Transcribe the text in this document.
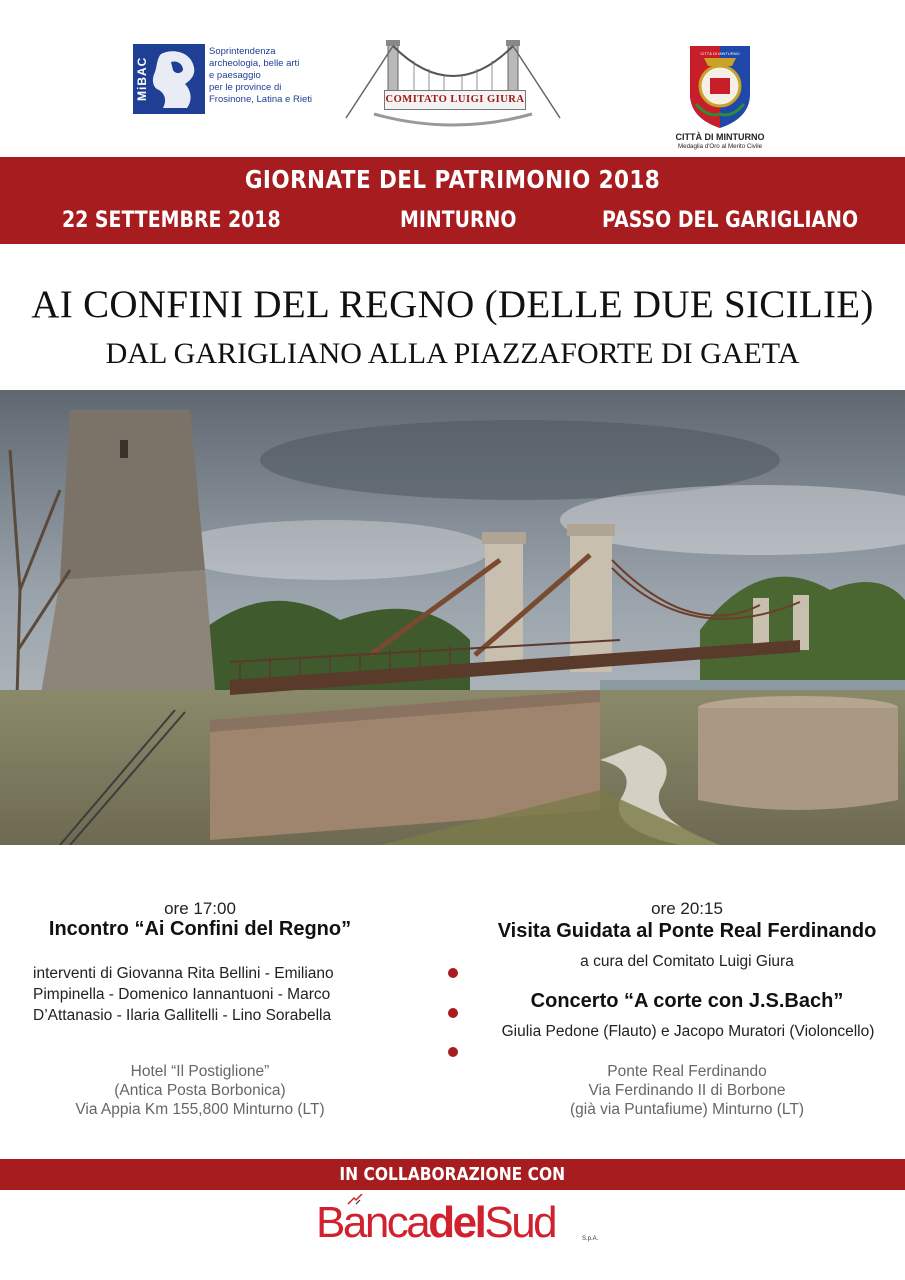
MiBAC
Soprintendenza
archeologia, belle arti
e paesaggio
per le province di
Frosinone, Latina e Rieti	COMITATO LUIGI GIURA
CITTÀ DI MINTURNO
CITTÀ DI MINTURNO
Medaglia d'Oro al Merito Civile
GIORNATE DEL PATRIMONIO 2018
22 SETTEMBRE 2018	MINTURNO	PASSO DEL GARIGLIANO
AI CONFINI DEL REGNO (DELLE DUE SICILIE)
DAL GARIGLIANO ALLA PIAZZAFORTE DI GAETA
ore 17:00
Incontro “Ai Confini del Regno”
interventi di Giovanna Rita Bellini - Emiliano
Pimpinella - Domenico Iannantuoni - Marco
D’Attanasio - Ilaria Gallitelli - Lino Sorabella
Hotel “Il Postiglione”
(Antica Posta Borbonica)
Via Appia Km 155,800 Minturno (LT)
ore 20:15
Visita Guidata al Ponte Real Ferdinando
a cura del Comitato Luigi Giura
Concerto “A corte con J.S.Bach”
Giulia Pedone (Flauto) e Jacopo Muratori (Violoncello)
Ponte Real Ferdinando
Via Ferdinando II di Borbone
(già via Puntafiume) Minturno (LT)
IN COLLABORAZIONE CON
BancadelSud	S.p.A.
